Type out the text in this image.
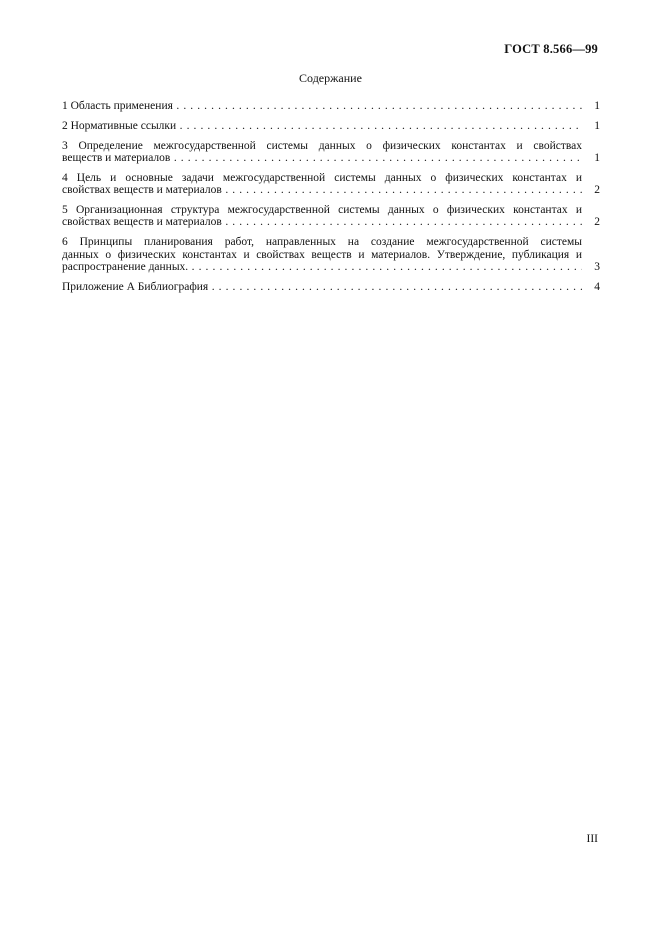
ГОСТ 8.566—99
Содержание
1 Область применения . . .	1
2 Нормативные ссылки . . .	1
3 Определение межгосударственной системы данных о физических константах и свойствах
веществ и материалов . . .	1
4 Цель и основные задачи межгосударственной системы данных о физических константах и
свойствах веществ и материалов . . .	2
5 Организационная структура межгосударственной системы данных о физических константах и
свойствах веществ и материалов . . .	2
6 Принципы планирования работ, направленных на создание межгосударственной системы
данных о физических константах и свойствах веществ и материалов. Утверждение, публикация и
распространение данных. . . .	3
Приложение А Библиография . . .	4
III
